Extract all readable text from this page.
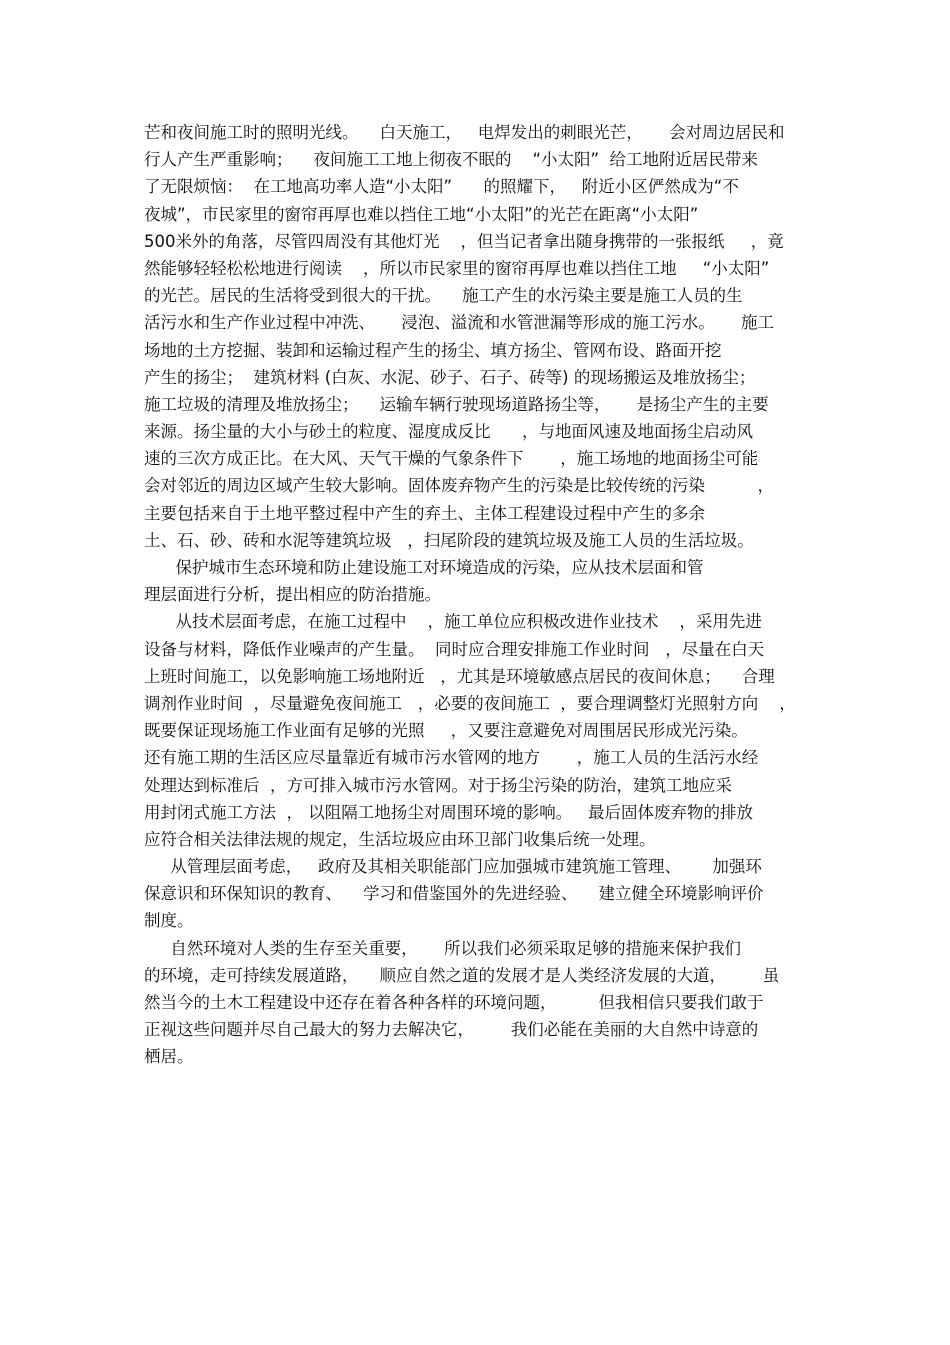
芒和夜间施工时的照明光线。    白天施工，   电焊发出的刺眼光芒，     会对周边居民和
行人产生严重影响；    夜间施工工地上彻夜不眠的    “小太阳”  给工地附近居民带来
了无限烦恼：  在工地高功率人造“小太阳”      的照耀下，   附近小区俨然成为“不
夜城”，市民家里的窗帘再厚也难以挡住工地“小太阳”的光芒在距离“小太阳”
500米外的角落，尽管四周没有其他灯光    ，但当记者拿出随身携带的一张报纸     ，竟
然能够轻轻松松地进行阅读    ，所以市民家里的窗帘再厚也难以挡住工地     “小太阳”
的光芒。居民的生活将受到很大的干扰。    施工产生的水污染主要是施工人员的生
活污水和生产作业过程中冲洗、     浸泡、溢流和水管泄漏等形成的施工污水。     施工
场地的土方挖掘、装卸和运输过程产生的扬尘、填方扬尘、管网布设、路面开挖
产生的扬尘；  建筑材料 (白灰、水泥、砂子、石子、砖等) 的现场搬运及堆放扬尘；
施工垃圾的清理及堆放扬尘；    运输车辆行驶现场道路扬尘等，     是扬尘产生的主要
来源。扬尘量的大小与砂土的粒度、湿度成反比      ，与地面风速及地面扬尘启动风
速的三次方成正比。在大风、天气干燥的气象条件下       ，施工场地的地面扬尘可能
会对邻近的周边区域产生较大影响。固体废弃物产生的污染是比较传统的污染          ，
主要包括来自于土地平整过程中产生的弃土、主体工程建设过程中产生的多余
土、石、砂、砖和水泥等建筑垃圾   ，扫尾阶段的建筑垃圾及施工人员的生活垃圾。
保护城市生态环境和防止建设施工对环境造成的污染，应从技术层面和管
理层面进行分析，提出相应的防治措施。
从技术层面考虑，在施工过程中    ，施工单位应积极改进作业技术    ，采用先进
设备与材料，降低作业噪声的产生量。  同时应合理安排施工作业时间   ，尽量在白天
上班时间施工，以免影响施工场地附近   ，尤其是环境敏感点居民的夜间休息；    合理
调剂作业时间  ，尽量避免夜间施工   ，必要的夜间施工  ，要合理调整灯光照射方向    ，
既要保证现场施工作业面有足够的光照     ，又要注意避免对周围居民形成光污染。
还有施工期的生活区应尽量靠近有城市污水管网的地方       ，施工人员的生活污水经
处理达到标准后  ，方可排入城市污水管网。对于扬尘污染的防治，建筑工地应采
用封闭式施工方法  ， 以阻隔工地扬尘对周围环境的影响。   最后固体废弃物的排放
应符合相关法律法规的规定，生活垃圾应由环卫部门收集后统一处理。
从管理层面考虑，   政府及其相关职能部门应加强城市建筑施工管理、      加强环
保意识和环保知识的教育、    学习和借鉴国外的先进经验、    建立健全环境影响评价
制度。
自然环境对人类的生存至关重要，     所以我们必须采取足够的措施来保护我们
的环境，走可持续发展道路，    顺应自然之道的发展才是人类经济发展的大道，       虽
然当今的土木工程建设中还存在着各种各样的环境问题，        但我相信只要我们敢于
正视这些问题并尽自己最大的努力去解决它，       我们必能在美丽的大自然中诗意的
栖居。
